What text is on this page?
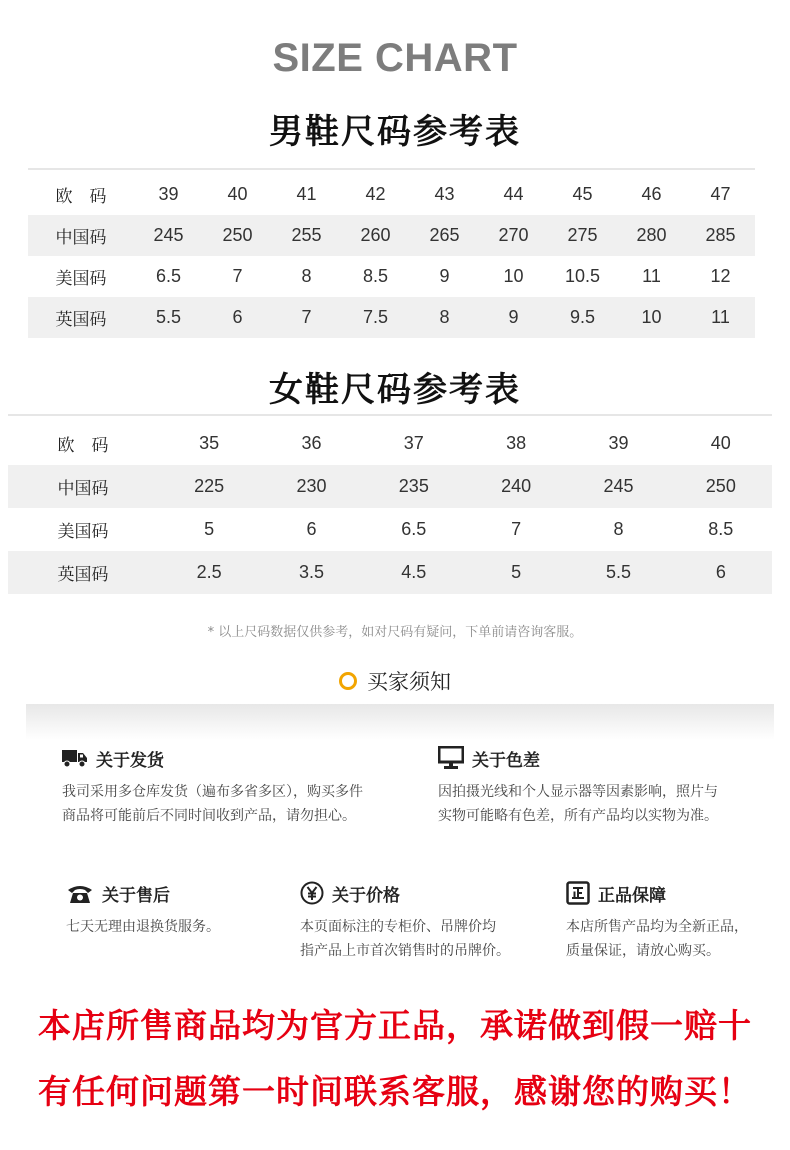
SIZE CHART
男鞋尺码参考表
欧　码	39	40	41	42	43	44	45	46	47
中国码	245	250	255	260	265	270	275	280	285
美国码	6.5	7	8	8.5	9	10	10.5	11	12
英国码	5.5	6	7	7.5	8	9	9.5	10	11
女鞋尺码参考表
欧　码	35	36	37	38	39	40
中国码	225	230	235	240	245	250
美国码	5	6	6.5	7	8	8.5
英国码	2.5	3.5	4.5	5	5.5	6
* 以上尺码数据仅供参考，如对尺码有疑问，下单前请咨询客服。
买家须知
关于发货
我司采用多仓库发货（遍布多省多区），购买多件
商品将可能前后不同时间收到产品，请勿担心。
关于色差
因拍摄光线和个人显示器等因素影响，照片与
实物可能略有色差，所有产品均以实物为准。
关于售后
七天无理由退换货服务。
关于价格
本页面标注的专柜价、吊牌价均
指产品上市首次销售时的吊牌价。
正品保障
本店所售产品均为全新正品，
质量保证，请放心购买。
本店所售商品均为官方正品，承诺做到假一赔十
有任何问题第一时间联系客服，感谢您的购买！
